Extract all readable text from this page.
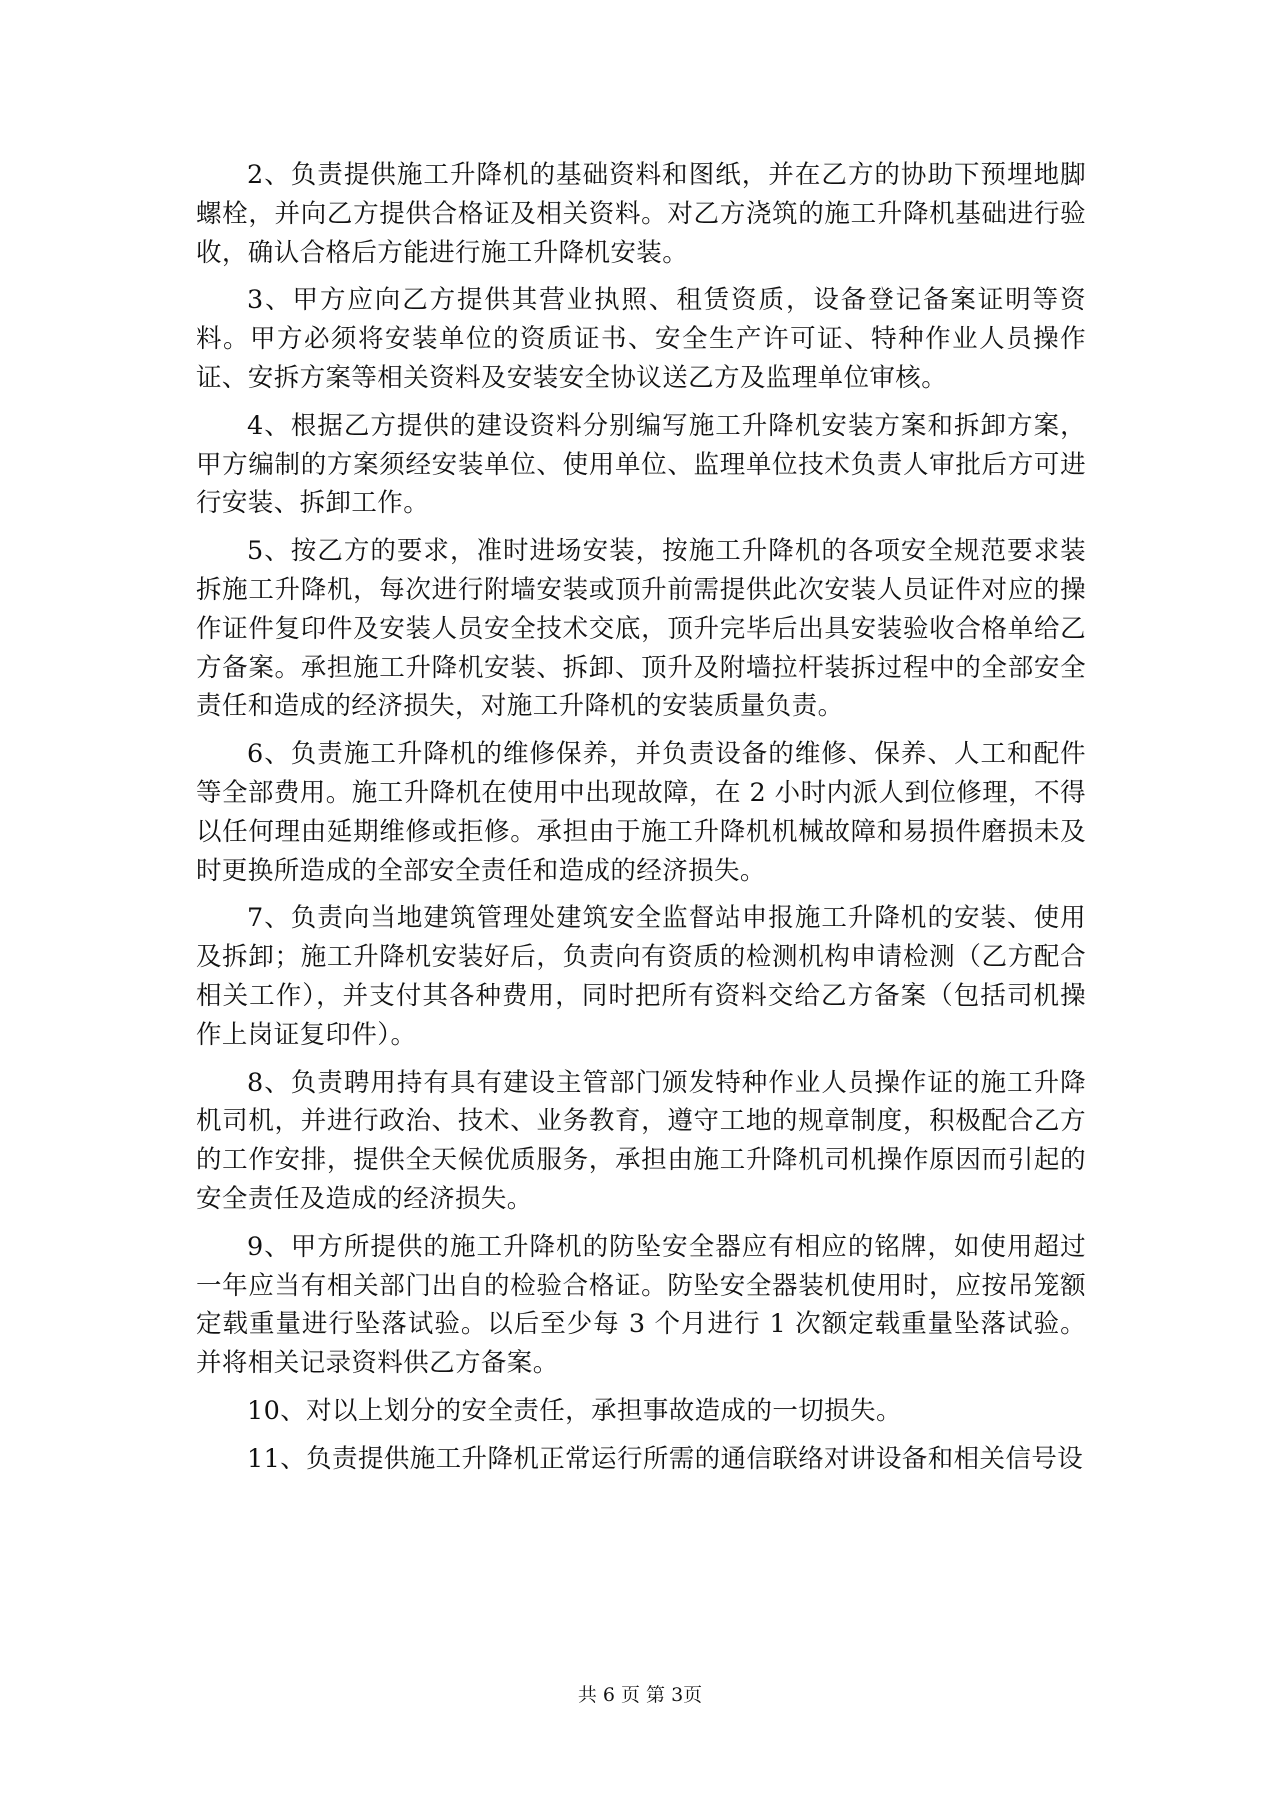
2、负责提供施工升降机的基础资料和图纸，并在乙方的协助下预埋地脚螺栓，并向乙方提供合格证及相关资料。对乙方浇筑的施工升降机基础进行验收，确认合格后方能进行施工升降机安装。

3、甲方应向乙方提供其营业执照、租赁资质，设备登记备案证明等资料。甲方必须将安装单位的资质证书、安全生产许可证、特种作业人员操作证、安拆方案等相关资料及安装安全协议送乙方及监理单位审核。

4、根据乙方提供的建设资料分别编写施工升降机安装方案和拆卸方案，甲方编制的方案须经安装单位、使用单位、监理单位技术负责人审批后方可进行安装、拆卸工作。

5、按乙方的要求，准时进场安装，按施工升降机的各项安全规范要求装拆施工升降机，每次进行附墙安装或顶升前需提供此次安装人员证件对应的操作证件复印件及安装人员安全技术交底，顶升完毕后出具安装验收合格单给乙方备案。承担施工升降机安装、拆卸、顶升及附墙拉杆装拆过程中的全部安全责任和造成的经济损失，对施工升降机的安装质量负责。

6、负责施工升降机的维修保养，并负责设备的维修、保养、人工和配件等全部费用。施工升降机在使用中出现故障，在 2 小时内派人到位修理，不得以任何理由延期维修或拒修。承担由于施工升降机机械故障和易损件磨损未及时更换所造成的全部安全责任和造成的经济损失。

7、负责向当地建筑管理处建筑安全监督站申报施工升降机的安装、使用及拆卸；施工升降机安装好后，负责向有资质的检测机构申请检测（乙方配合相关工作），并支付其各种费用，同时把所有资料交给乙方备案（包括司机操作上岗证复印件）。

8、负责聘用持有具有建设主管部门颁发特种作业人员操作证的施工升降机司机，并进行政治、技术、业务教育，遵守工地的规章制度，积极配合乙方的工作安排，提供全天候优质服务，承担由施工升降机司机操作原因而引起的安全责任及造成的经济损失。

9、甲方所提供的施工升降机的防坠安全器应有相应的铭牌，如使用超过一年应当有相关部门出自的检验合格证。防坠安全器装机使用时，应按吊笼额定载重量进行坠落试验。以后至少每 3 个月进行 1 次额定载重量坠落试验。并将相关记录资料供乙方备案。

10、对以上划分的安全责任，承担事故造成的一切损失。

11、负责提供施工升降机正常运行所需的通信联络对讲设备和相关信号设

共 6 页 第 3页
